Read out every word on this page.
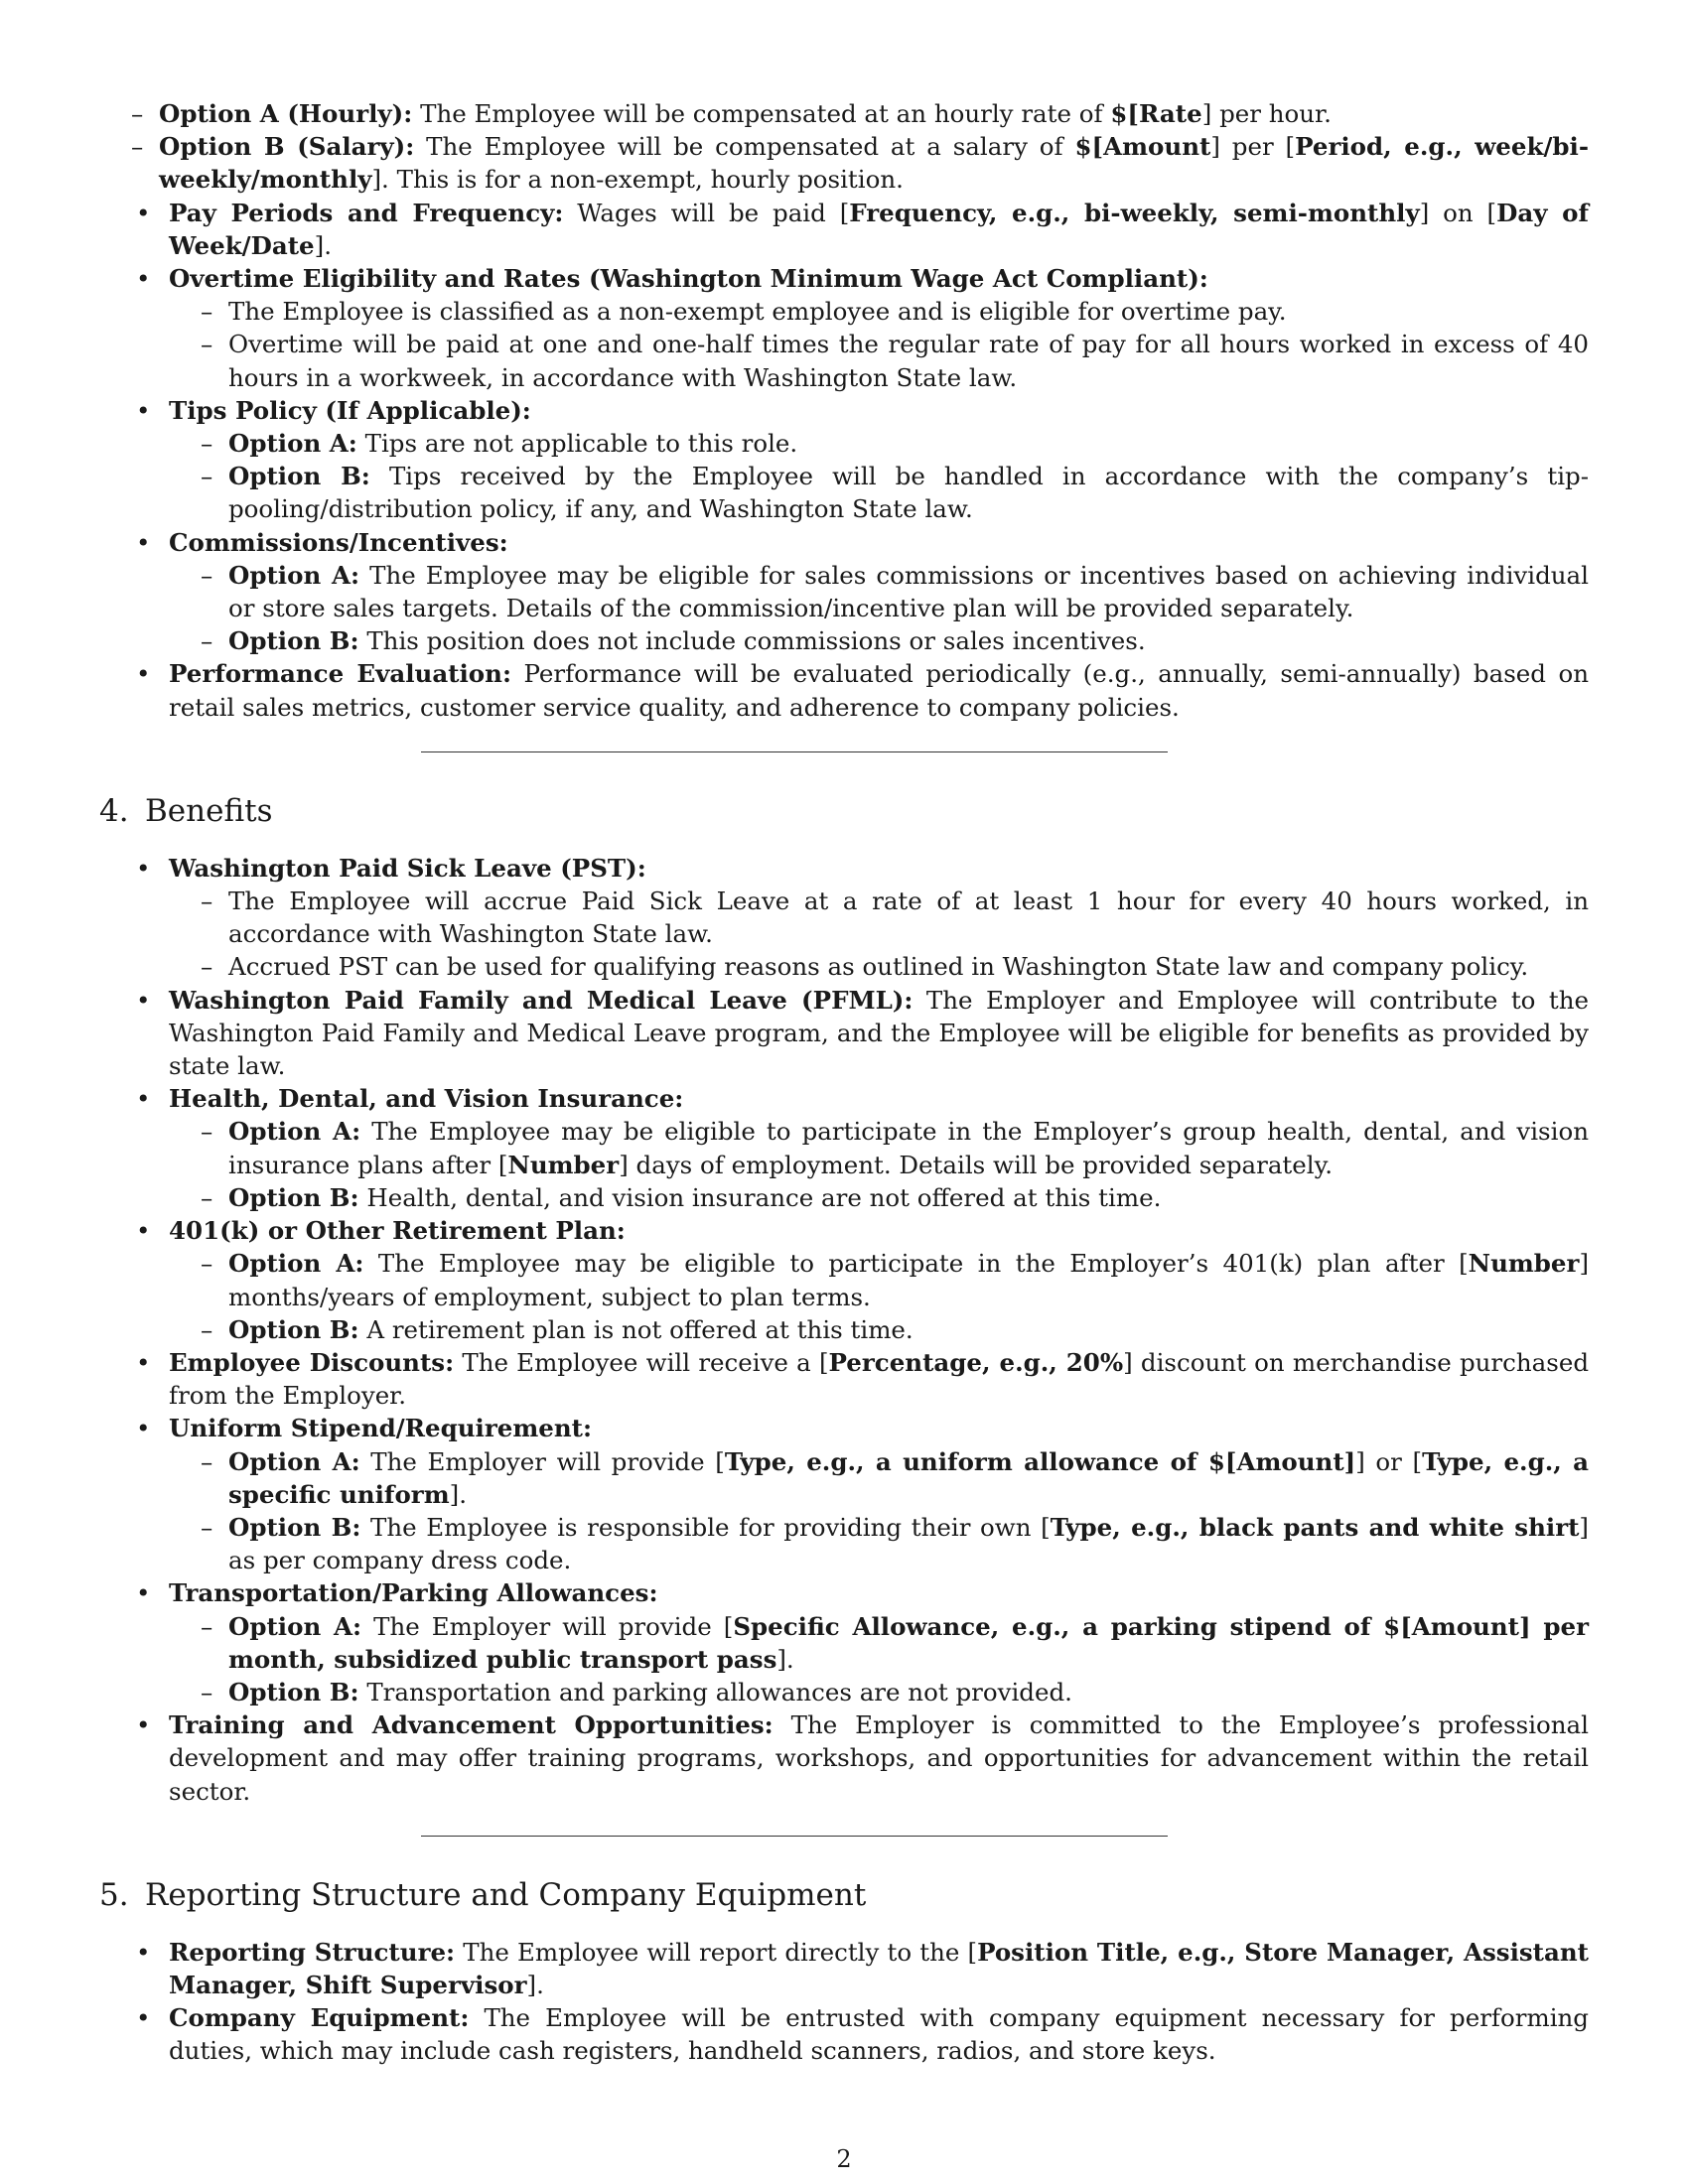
– Option A (Hourly): The Employee will be compensated at an hourly rate of $[Rate] per hour.
– Option B (Salary): The Employee will be compensated at a salary of $[Amount] per [Period, e.g., week/bi-weekly/monthly]. This is for a non-exempt, hourly position.
• Pay Periods and Frequency: Wages will be paid [Frequency, e.g., bi-weekly, semi-monthly] on [Day of Week/Date].
• Overtime Eligibility and Rates (Washington Minimum Wage Act Compliant):
– The Employee is classified as a non-exempt employee and is eligible for overtime pay.
– Overtime will be paid at one and one-half times the regular rate of pay for all hours worked in excess of 40 hours in a workweek, in accordance with Washington State law.
• Tips Policy (If Applicable):
– Option A: Tips are not applicable to this role.
– Option B: Tips received by the Employee will be handled in accordance with the company’s tip-pooling/distribution policy, if any, and Washington State law.
• Commissions/Incentives:
– Option A: The Employee may be eligible for sales commissions or incentives based on achieving individual or store sales targets. Details of the commission/incentive plan will be provided separately.
– Option B: This position does not include commissions or sales incentives.
• Performance Evaluation: Performance will be evaluated periodically (e.g., annually, semi-annually) based on retail sales metrics, customer service quality, and adherence to company policies.
4. Benefits
• Washington Paid Sick Leave (PST):
– The Employee will accrue Paid Sick Leave at a rate of at least 1 hour for every 40 hours worked, in accordance with Washington State law.
– Accrued PST can be used for qualifying reasons as outlined in Washington State law and company policy.
• Washington Paid Family and Medical Leave (PFML): The Employer and Employee will contribute to the Washington Paid Family and Medical Leave program, and the Employee will be eligible for benefits as provided by state law.
• Health, Dental, and Vision Insurance:
– Option A: The Employee may be eligible to participate in the Employer’s group health, dental, and vision insurance plans after [Number] days of employment. Details will be provided separately.
– Option B: Health, dental, and vision insurance are not offered at this time.
• 401(k) or Other Retirement Plan:
– Option A: The Employee may be eligible to participate in the Employer’s 401(k) plan after [Number] months/years of employment, subject to plan terms.
– Option B: A retirement plan is not offered at this time.
• Employee Discounts: The Employee will receive a [Percentage, e.g., 20%] discount on merchandise purchased from the Employer.
• Uniform Stipend/Requirement:
– Option A: The Employer will provide [Type, e.g., a uniform allowance of $[Amount]] or [Type, e.g., a specific uniform].
– Option B: The Employee is responsible for providing their own [Type, e.g., black pants and white shirt] as per company dress code.
• Transportation/Parking Allowances:
– Option A: The Employer will provide [Specific Allowance, e.g., a parking stipend of $[Amount] per month, subsidized public transport pass].
– Option B: Transportation and parking allowances are not provided.
• Training and Advancement Opportunities: The Employer is committed to the Employee’s professional development and may offer training programs, workshops, and opportunities for advancement within the retail sector.
5. Reporting Structure and Company Equipment
• Reporting Structure: The Employee will report directly to the [Position Title, e.g., Store Manager, Assistant Manager, Shift Supervisor].
• Company Equipment: The Employee will be entrusted with company equipment necessary for performing duties, which may include cash registers, handheld scanners, radios, and store keys.
2
